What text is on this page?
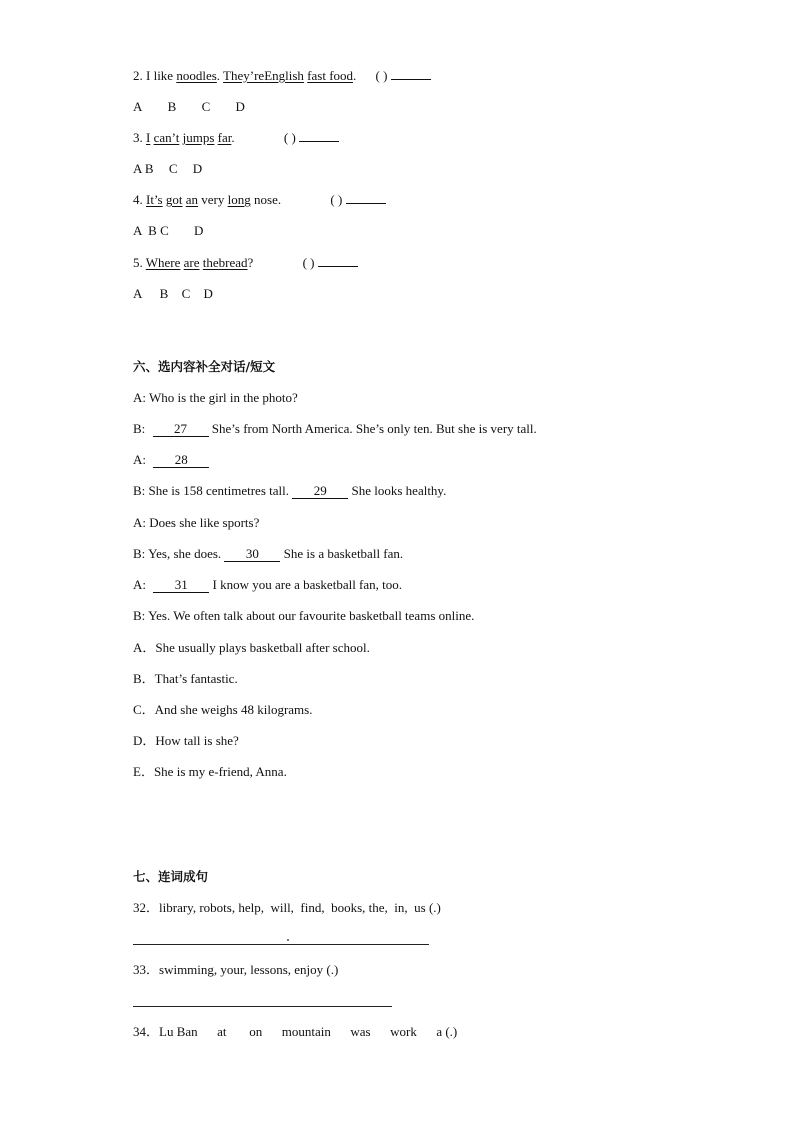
2. I like noodles. They’reEnglish fast food. ( )
A B C D
3. I can’t jumps far.	( )
A B C D
4. It’s got an very long nose.	( )
A  B C D
5. Where are thebread?	( )
A B C D
六、选内容补全对话/短文
A: Who is the girl in the photo?
B: 27 She’s from North America. She’s only ten. But she is very tall.
A: 28
B: She is 158 centimetres tall. 29 She looks healthy.
A: Does she like sports?
B: Yes, she does. 30 She is a basketball fan.
A: 31 I know you are a basketball fan, too.
B: Yes. We often talk about our favourite basketball teams online.
A．She usually plays basketball after school.
B．That’s fantastic.
C．And she weighs 48 kilograms.
D．How tall is she?
E．She is my e-friend, Anna.
七、连词成句
32．library, robots, help,  will,  find,  books, the,  in,  us (.)
33．swimming, your, lessons, enjoy (.)
34．Lu Ban      at       on      mountain      was      work      a (.)
